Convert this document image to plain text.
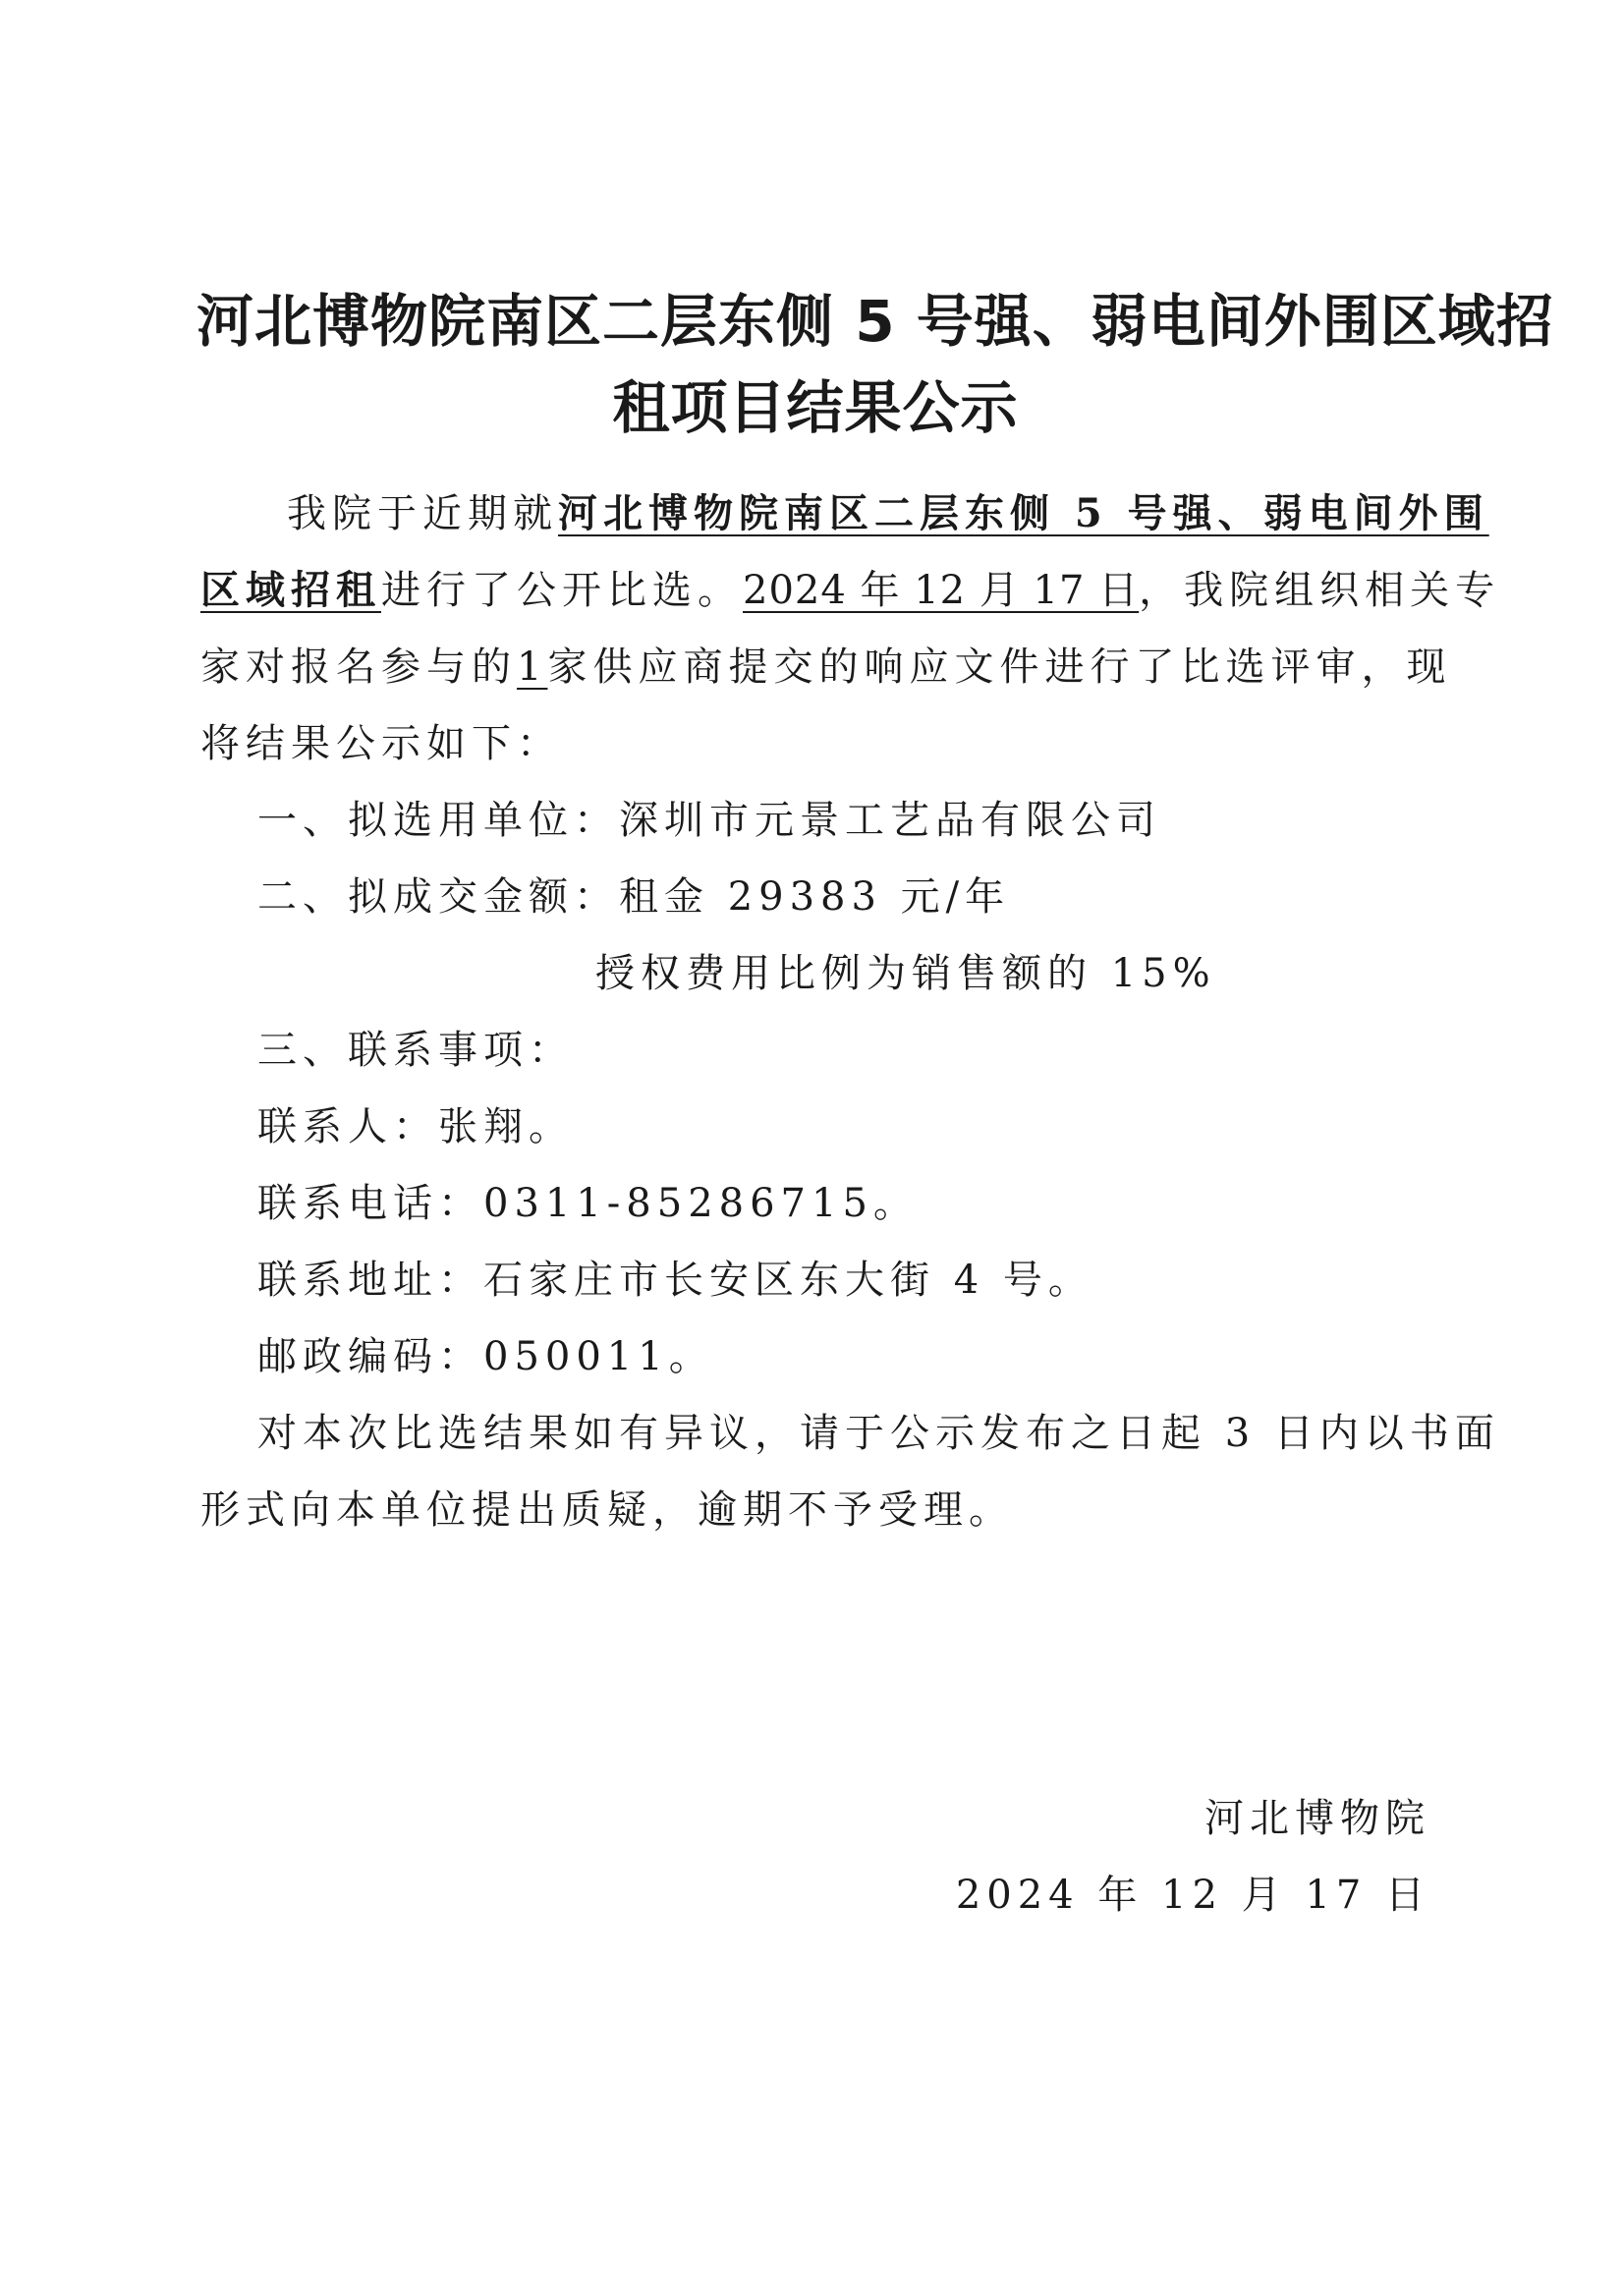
河北博物院南区二层东侧 5 号强、弱电间外围区域招
租项目结果公示
我院于近期就河北博物院南区二层东侧 5 号强、弱电间外围
区域招租进行了公开比选。2024 年 12 月 17 日，我院组织相关专
家对报名参与的1家供应商提交的响应文件进行了比选评审，现
将结果公示如下：
一、拟选用单位：深圳市元景工艺品有限公司
二、拟成交金额：租金 29383 元/年
授权费用比例为销售额的 15%
三、联系事项：
联系人：张翔。
联系电话：0311-85286715。
联系地址：石家庄市长安区东大街 4 号。
邮政编码：050011。
对本次比选结果如有异议，请于公示发布之日起 3 日内以书面
形式向本单位提出质疑，逾期不予受理。
河北博物院
2024 年 12 月 17 日
